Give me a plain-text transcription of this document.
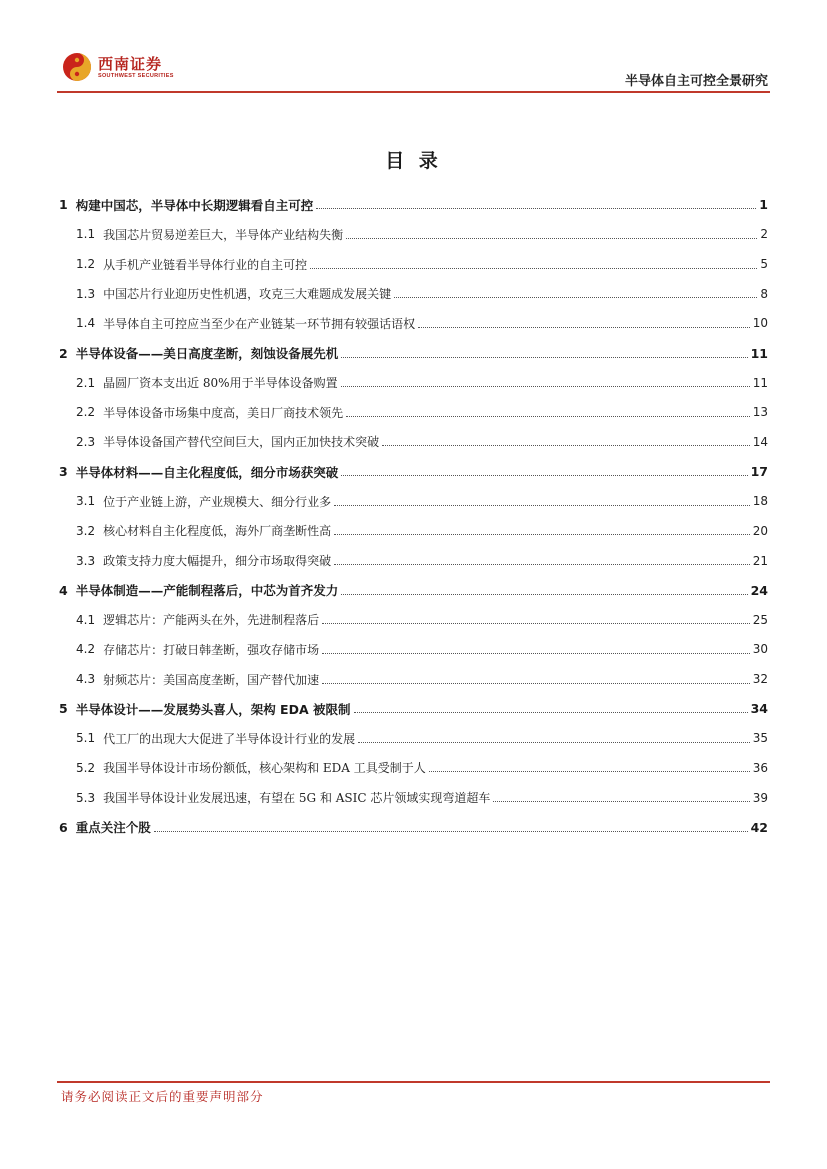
西南证券
SOUTHWEST SECURITIES	半导体自主可控全景研究
目 录
1 构建中国芯，半导体中长期逻辑看自主可控	1
1.1 我国芯片贸易逆差巨大，半导体产业结构失衡	2
1.2 从手机产业链看半导体行业的自主可控	5
1.3 中国芯片行业迎历史性机遇，攻克三大难题成发展关键	8
1.4 半导体自主可控应当至少在产业链某一环节拥有较强话语权	10
2 半导体设备——美日高度垄断，刻蚀设备展先机	11
2.1 晶圆厂资本支出近 80%用于半导体设备购置	11
2.2 半导体设备市场集中度高，美日厂商技术领先	13
2.3 半导体设备国产替代空间巨大，国内正加快技术突破	14
3 半导体材料——自主化程度低，细分市场获突破	17
3.1 位于产业链上游，产业规模大、细分行业多	18
3.2 核心材料自主化程度低，海外厂商垄断性高	20
3.3 政策支持力度大幅提升，细分市场取得突破	21
4 半导体制造——产能制程落后，中芯为首齐发力	24
4.1 逻辑芯片：产能两头在外，先进制程落后	25
4.2 存储芯片：打破日韩垄断，强攻存储市场	30
4.3 射频芯片：美国高度垄断，国产替代加速	32
5 半导体设计——发展势头喜人，架构 EDA 被限制	34
5.1 代工厂的出现大大促进了半导体设计行业的发展	35
5.2 我国半导体设计市场份额低，核心架构和 EDA 工具受制于人	36
5.3 我国半导体设计业发展迅速，有望在 5G 和 ASIC 芯片领域实现弯道超车	39
6 重点关注个股	42
请务必阅读正文后的重要声明部分
